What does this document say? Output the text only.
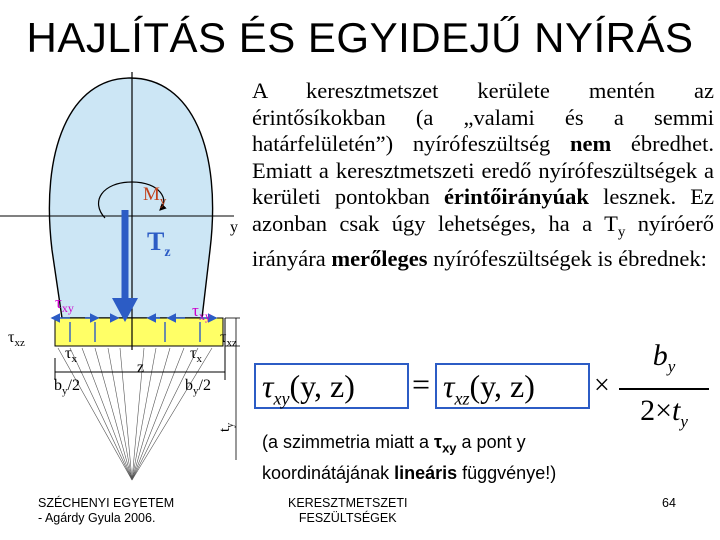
HAJLÍTÁS ÉS EGYIDEJŰ NYÍRÁS
$M_y$
$T_z$
y
z
$\tau_{xy}$	$\tau_{xy}$
$\tau_{xz}$	$\tau_{xz}$
$\tau_x$	$\tau_x$
$b_y/2$	$b_y/2$
$t_y$
A keresztmetszet kerülete mentén az érintősíkokban (a „valami és a semmi határfelületén”) nyírófeszültség nem ébredhet. Emiatt a keresztmetszeti eredő nyírófeszültségek a kerületi pontokban érintőirányúak lesznek. Ez azonban csak úgy lehetséges, ha a $T_y$ nyíróerő irányára merőleges nyírófeszültségek is ébrednek:
$\tau_{xy}(y$, z)	= $\tau_{xz}(y$, z)	×
$b_y$
$2\times t_y$
(a szimmetria miatt a $\tau_{xy}$ a pont y koordinátájának lineáris függvénye!)
SZÉCHENYI EGYETEM
- Agárdy Gyula 2006.
KERESZTMETSZETI
FESZÜLTSÉGEK
64
